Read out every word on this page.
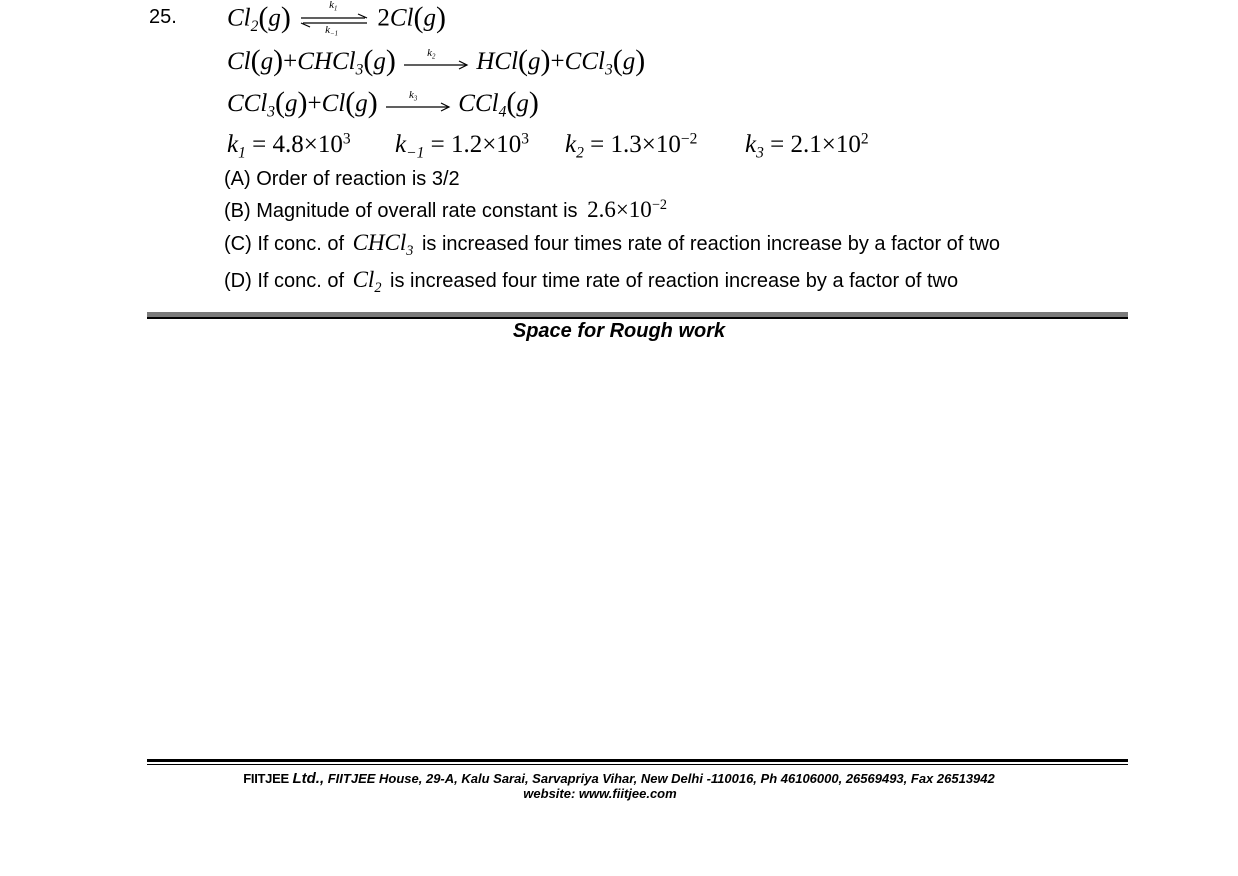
25. $Cl_2(g)$	$k_1$
$k_{-1}$
2Cl(g)
Cl(g)+CHCl$_3$(g)	$k_2$ HCl(g)+CCl$_3$(g)
CCl$_3$(g)+Cl(g)	$k_3$ CCl$_4$(g)
$k_1 = 4.8\times 10^3$ $k_{-1} = 1.2\times 10^3$ $k_2 = 1.3\times 10^{-2}$ $k_3 = 2.1\times 10^2$
(A) Order of reaction is 3/2
(B) Magnitude of overall rate constant is $2.6\times 10^{-2}$
(C) If conc. of CHCl$_3$ is increased four times rate of reaction increase by a factor of two
(D) If conc. of $Cl_2$ is increased four time rate of reaction increase by a factor of two
Space for Rough work
FIITJEE Ltd., FIITJEE House, 29-A, Kalu Sarai, Sarvapriya Vihar, New Delhi -110016, Ph 46106000, 26569493, Fax 26513942
website: www.fiitjee.com
